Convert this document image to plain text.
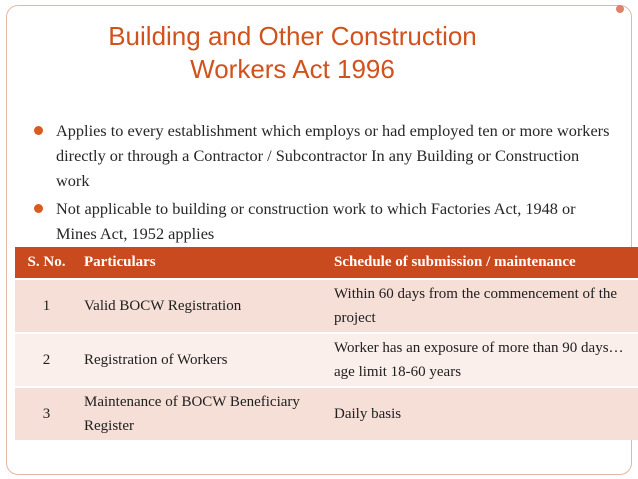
Building and Other Construction
Workers Act 1996
Applies to every establishment which employs or had employed ten or more workers directly or through a Contractor / Subcontractor In any Building or Construction work
Not applicable to building or construction work to which Factories Act, 1948 or Mines Act, 1952 applies
S. No.	Particulars	Schedule of submission / maintenance
1	Valid BOCW Registration	Within 60 days from the commencement of the project
2	Registration of Workers	Worker has an exposure of more than 90 days… age limit 18-60 years
3	Maintenance of BOCW Beneficiary Register	Daily basis
